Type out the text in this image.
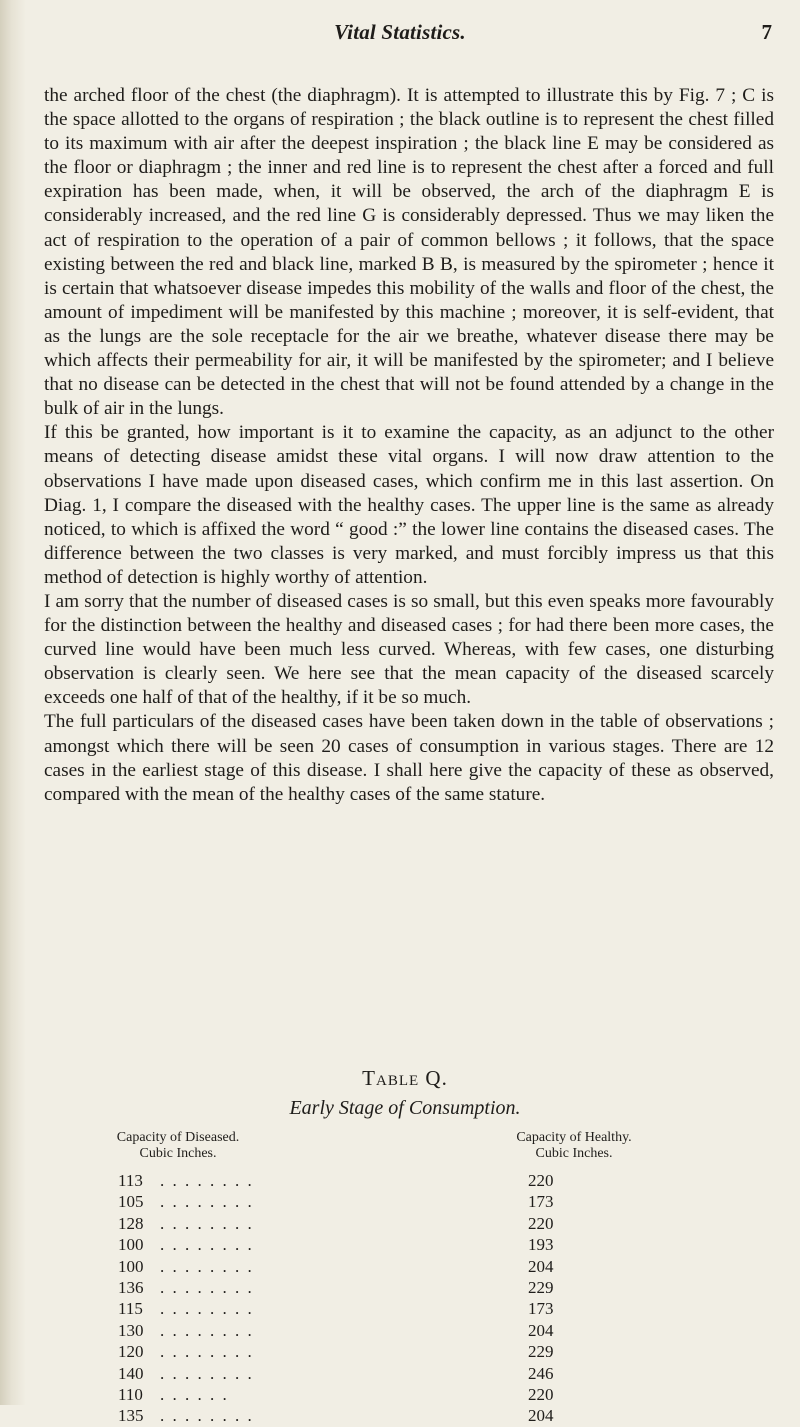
Vital Statistics.	7

the arched floor of the chest (the diaphragm). It is attempted to illustrate this by Fig. 7 ; C is the space allotted to the organs of respiration ; the black outline is to represent the chest filled to its maximum with air after the deepest inspiration ; the black line E may be considered as the floor or diaphragm ; the inner and red line is to represent the chest after a forced and full expiration has been made, when, it will be observed, the arch of the diaphragm E is considerably increased, and the red line G is considerably depressed. Thus we may liken the act of respiration to the operation of a pair of common bellows ; it follows, that the space existing between the red and black line, marked B B, is measured by the spirometer ; hence it is certain that whatsoever disease impedes this mobility of the walls and floor of the chest, the amount of impediment will be manifested by this machine ; moreover, it is self-evident, that as the lungs are the sole receptacle for the air we breathe, whatever disease there may be which affects their permeability for air, it will be manifested by the spirometer; and I believe that no disease can be detected in the chest that will not be found attended by a change in the bulk of air in the lungs.

If this be granted, how important is it to examine the capacity, as an adjunct to the other means of detecting disease amidst these vital organs. I will now draw attention to the observations I have made upon diseased cases, which confirm me in this last assertion. On Diag. 1, I compare the diseased with the healthy cases. The upper line is the same as already noticed, to which is affixed the word “ good :” the lower line contains the diseased cases. The difference between the two classes is very marked, and must forcibly impress us that this method of detection is highly worthy of attention.

I am sorry that the number of diseased cases is so small, but this even speaks more favourably for the distinction between the healthy and diseased cases ; for had there been more cases, the curved line would have been much less curved. Whereas, with few cases, one disturbing observation is clearly seen. We here see that the mean capacity of the diseased scarcely exceeds one half of that of the healthy, if it be so much.

The full particulars of the diseased cases have been taken down in the table of observations ; amongst which there will be seen 20 cases of consumption in various stages. There are 12 cases in the earliest stage of this disease. I shall here give the capacity of these as observed, compared with the mean of the healthy cases of the same stature.

Table Q.
Early Stage of Consumption.
Capacity of Diseased.
Cubic Inches.
Capacity of Healthy.
Cubic Inches.
113	. . . . . . . .	220
105 . . . . . . . .	173
128 . . . . . . . .	220
100 . . . . . . . .	193
100 . . . . . . . .	204
136 . . . . . . . .	229
115	. . . . . . . .	173
130 . . . . . . . .	204
120 . . . . . . . .	229
140 . . . . . . . .	246
110	. . . . . .	220
135 . . . . . . . .	204
